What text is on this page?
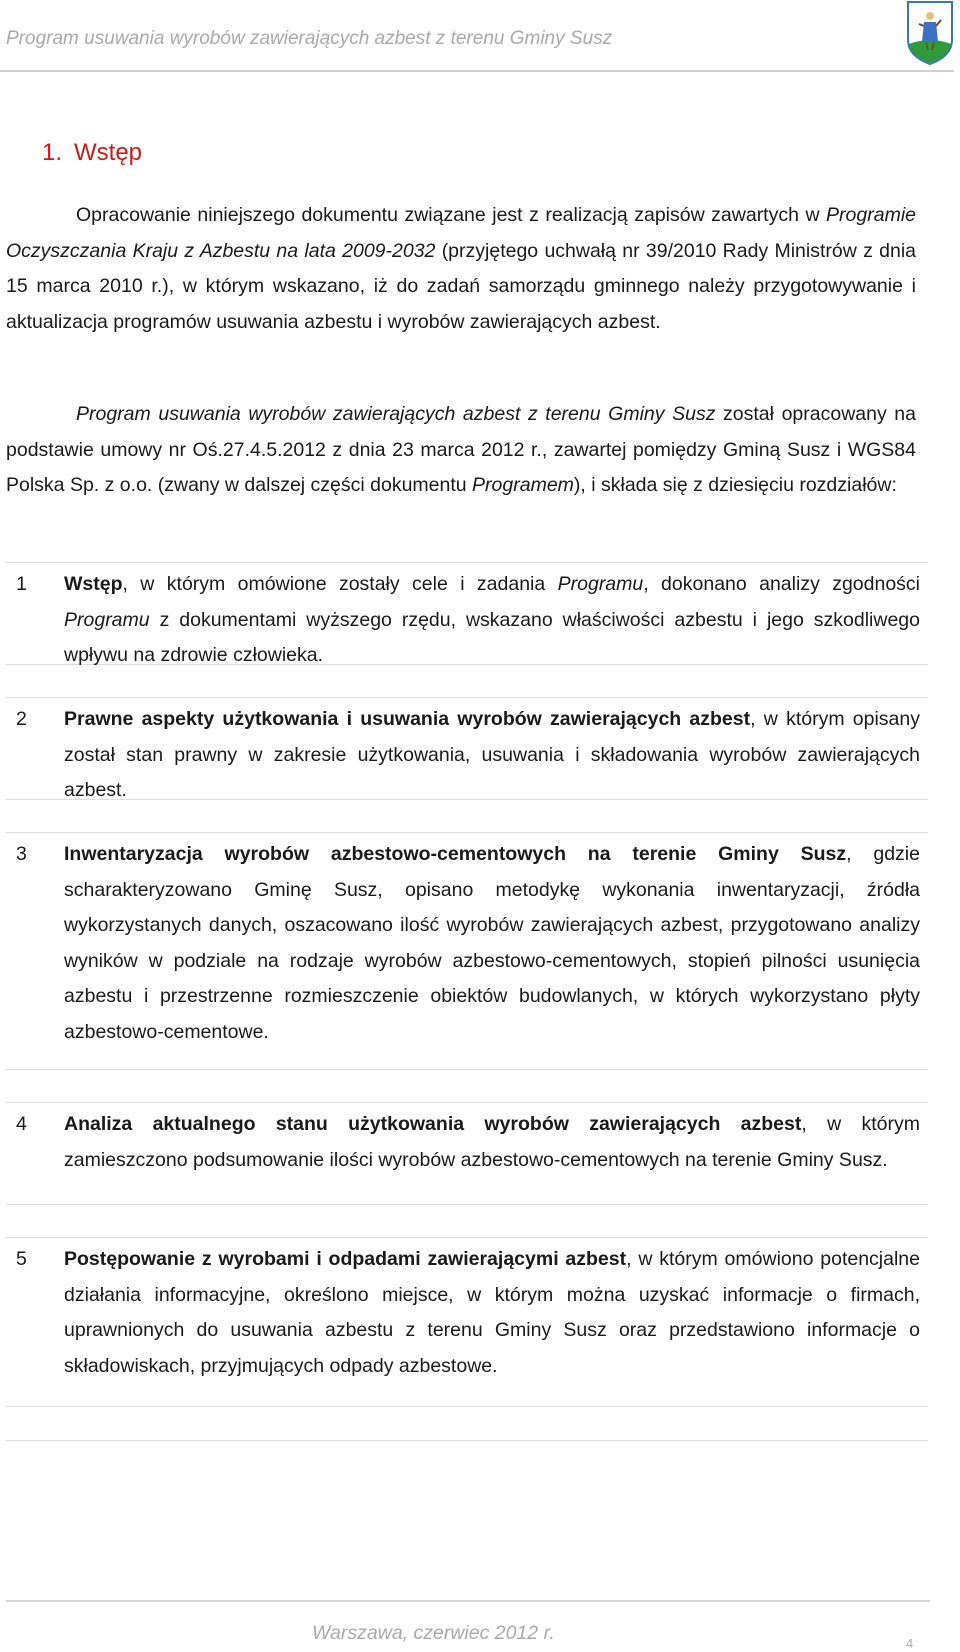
Program usuwania wyrobów zawierających azbest z terenu Gminy Susz
1. Wstęp

Opracowanie niniejszego dokumentu związane jest z realizacją zapisów zawartych w Programie Oczyszczania Kraju z Azbestu na lata 2009-2032 (przyjętego uchwałą nr 39/2010 Rady Ministrów z dnia 15 marca 2010 r.), w którym wskazano, iż do zadań samorządu gminnego należy przygotowywanie i aktualizacja programów usuwania azbestu i wyrobów zawierających azbest.

Program usuwania wyrobów zawierających azbest z terenu Gminy Susz został opracowany na podstawie umowy nr Oś.27.4.5.2012 z dnia 23 marca 2012 r., zawartej pomiędzy Gminą Susz i WGS84 Polska Sp. z o.o. (zwany w dalszej części dokumentu Programem), i składa się z dziesięciu rozdziałów:

1 Wstęp, w którym omówione zostały cele i zadania Programu, dokonano analizy zgodności Programu z dokumentami wyższego rzędu, wskazano właściwości azbestu i jego szkodliwego wpływu na zdrowie człowieka.

2 Prawne aspekty użytkowania i usuwania wyrobów zawierających azbest, w którym opisany został stan prawny w zakresie użytkowania, usuwania i składowania wyrobów zawierających azbest.

3 Inwentaryzacja wyrobów azbestowo-cementowych na terenie Gminy Susz, gdzie scharakteryzowano Gminę Susz, opisano metodykę wykonania inwentaryzacji, źródła wykorzystanych danych, oszacowano ilość wyrobów zawierających azbest, przygotowano analizy wyników w podziale na rodzaje wyrobów azbestowo-cementowych, stopień pilności usunięcia azbestu i przestrzenne rozmieszczenie obiektów budowlanych, w których wykorzystano płyty azbestowo-cementowe.

4 Analiza aktualnego stanu użytkowania wyrobów zawierających azbest, w którym zamieszczono podsumowanie ilości wyrobów azbestowo-cementowych na terenie Gminy Susz.

5 Postępowanie z wyrobami i odpadami zawierającymi azbest, w którym omówiono potencjalne działania informacyjne, określono miejsce, w którym można uzyskać informacje o firmach, uprawnionych do usuwania azbestu z terenu Gminy Susz oraz przedstawiono informacje o składowiskach, przyjmujących odpady azbestowe.

Warszawa, czerwiec 2012 r.	4
